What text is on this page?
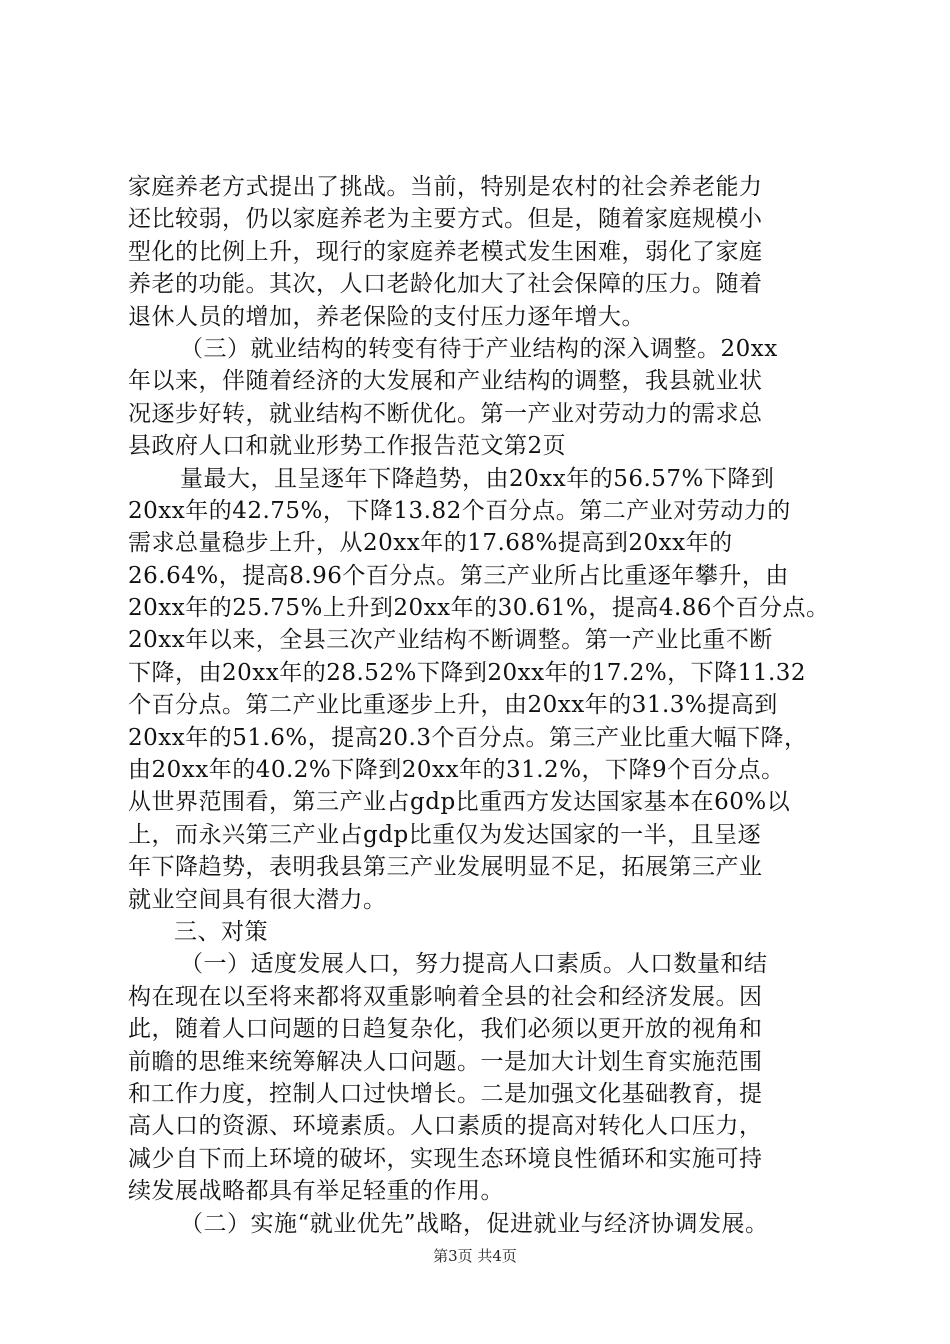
家庭养老方式提出了挑战。当前，特别是农村的社会养老能力
还比较弱，仍以家庭养老为主要方式。但是，随着家庭规模小
型化的比例上升，现行的家庭养老模式发生困难，弱化了家庭
养老的功能。其次，人口老龄化加大了社会保障的压力。随着
退休人员的增加，养老保险的支付压力逐年增大。
（三）就业结构的转变有待于产业结构的深入调整。20xx
年以来，伴随着经济的大发展和产业结构的调整，我县就业状
况逐步好转，就业结构不断优化。第一产业对劳动力的需求总
县政府人口和就业形势工作报告范文第2页
量最大，且呈逐年下降趋势，由20xx年的56.57%下降到
20xx年的42.75%，下降13.82个百分点。第二产业对劳动力的
需求总量稳步上升，从20xx年的17.68%提高到20xx年的
26.64%，提高8.96个百分点。第三产业所占比重逐年攀升，由
20xx年的25.75%上升到20xx年的30.61%，提高4.86个百分点。
20xx年以来，全县三次产业结构不断调整。第一产业比重不断
下降，由20xx年的28.52%下降到20xx年的17.2%，下降11.32
个百分点。第二产业比重逐步上升，由20xx年的31.3%提高到
20xx年的51.6%，提高20.3个百分点。第三产业比重大幅下降，
由20xx年的40.2%下降到20xx年的31.2%，下降9个百分点。
从世界范围看，第三产业占gdp比重西方发达国家基本在60%以
上，而永兴第三产业占gdp比重仅为发达国家的一半，且呈逐
年下降趋势，表明我县第三产业发展明显不足，拓展第三产业
就业空间具有很大潜力。
三、对策
（一）适度发展人口，努力提高人口素质。人口数量和结
构在现在以至将来都将双重影响着全县的社会和经济发展。因
此，随着人口问题的日趋复杂化，我们必须以更开放的视角和
前瞻的思维来统筹解决人口问题。一是加大计划生育实施范围
和工作力度，控制人口过快增长。二是加强文化基础教育，提
高人口的资源、环境素质。人口素质的提高对转化人口压力，
减少自下而上环境的破坏，实现生态环境良性循环和实施可持
续发展战略都具有举足轻重的作用。
（二）实施“就业优先”战略，促进就业与经济协调发展。
第3页 共4页
